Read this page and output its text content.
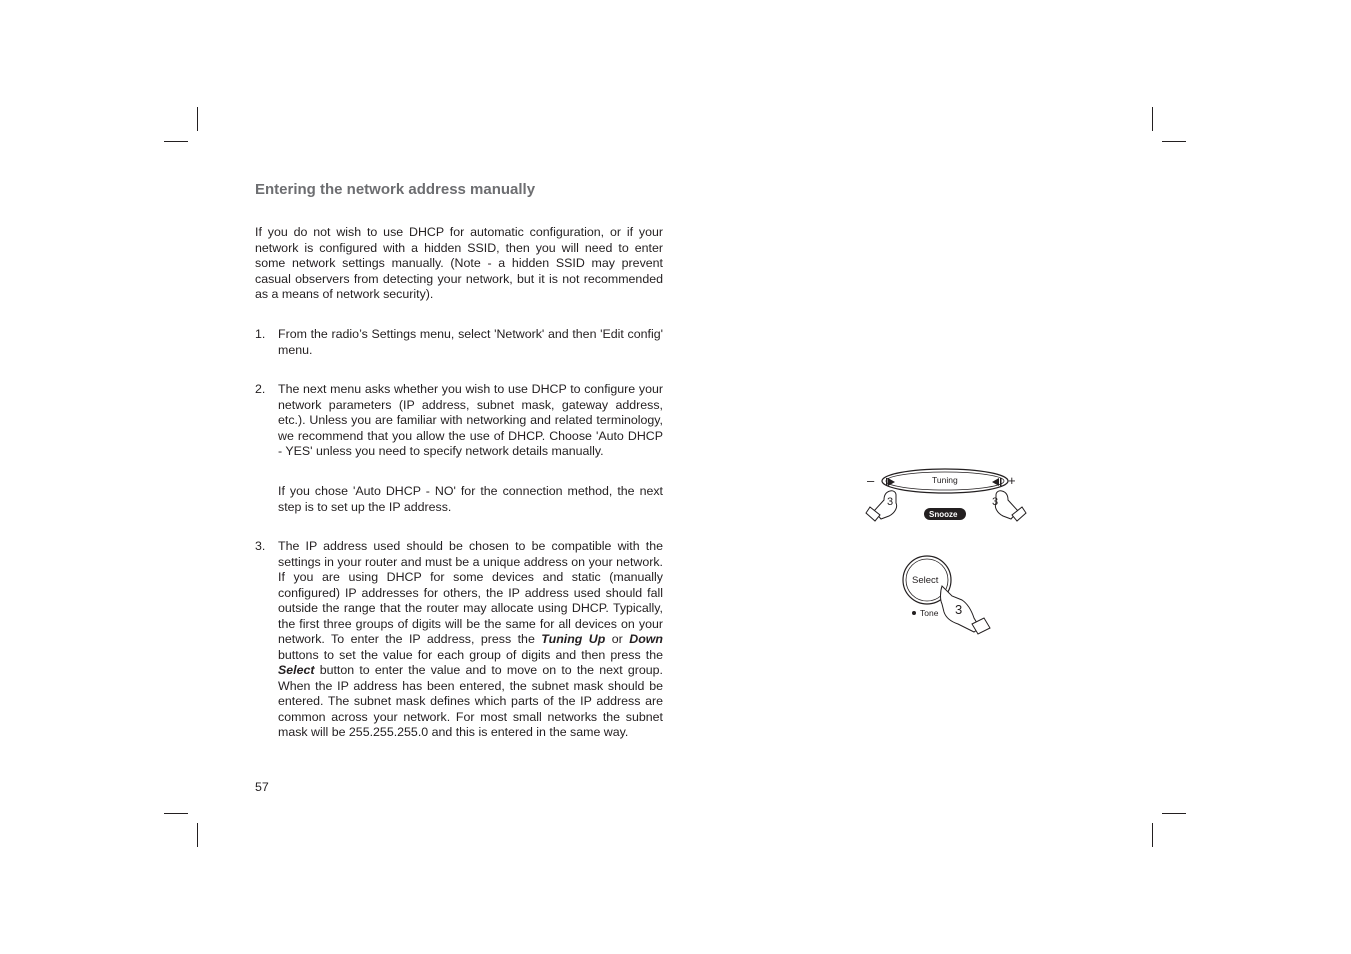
Entering the network address manually

If you do not wish to use DHCP for automatic configuration, or if your network is configured with a hidden SSID, then you will need to enter some network settings manually. (Note - a hidden SSID may prevent casual observers from detecting your network, but it is not recommended as a means of network security).

1. From the radio’s Settings menu, select 'Network' and then 'Edit config' menu.
2. The next menu asks whether you wish to use DHCP to configure your network parameters (IP address, subnet mask, gateway address, etc.). Unless you are familiar with networking and related terminology, we recommend that you allow the use of DHCP. Choose 'Auto DHCP - YES' unless you need to specify network details manually.
If you chose 'Auto DHCP - NO' for the connection method, the next step is to set up the IP address.
3. The IP address used should be chosen to be compatible with the settings in your router and must be a unique address on your network. If you are using DHCP for some devices and static (manually configured) IP addresses for others, the IP address used should fall outside the range that the router may allocate using DHCP. Typically, the first three groups of digits will be the same for all devices on your network. To enter the IP address, press the Tuning Up or Down buttons to set the value for each group of digits and then press the Select button to enter the value and to move on to the next group. When the IP address has been entered, the subnet mask should be entered. The subnet mask defines which parts of the IP address are common across your network. For most small networks the subnet mask will be 255.255.255.0 and this is entered in the same way.
57
–	+
Tuning
3	3
Snooze
Select
Tone 3
